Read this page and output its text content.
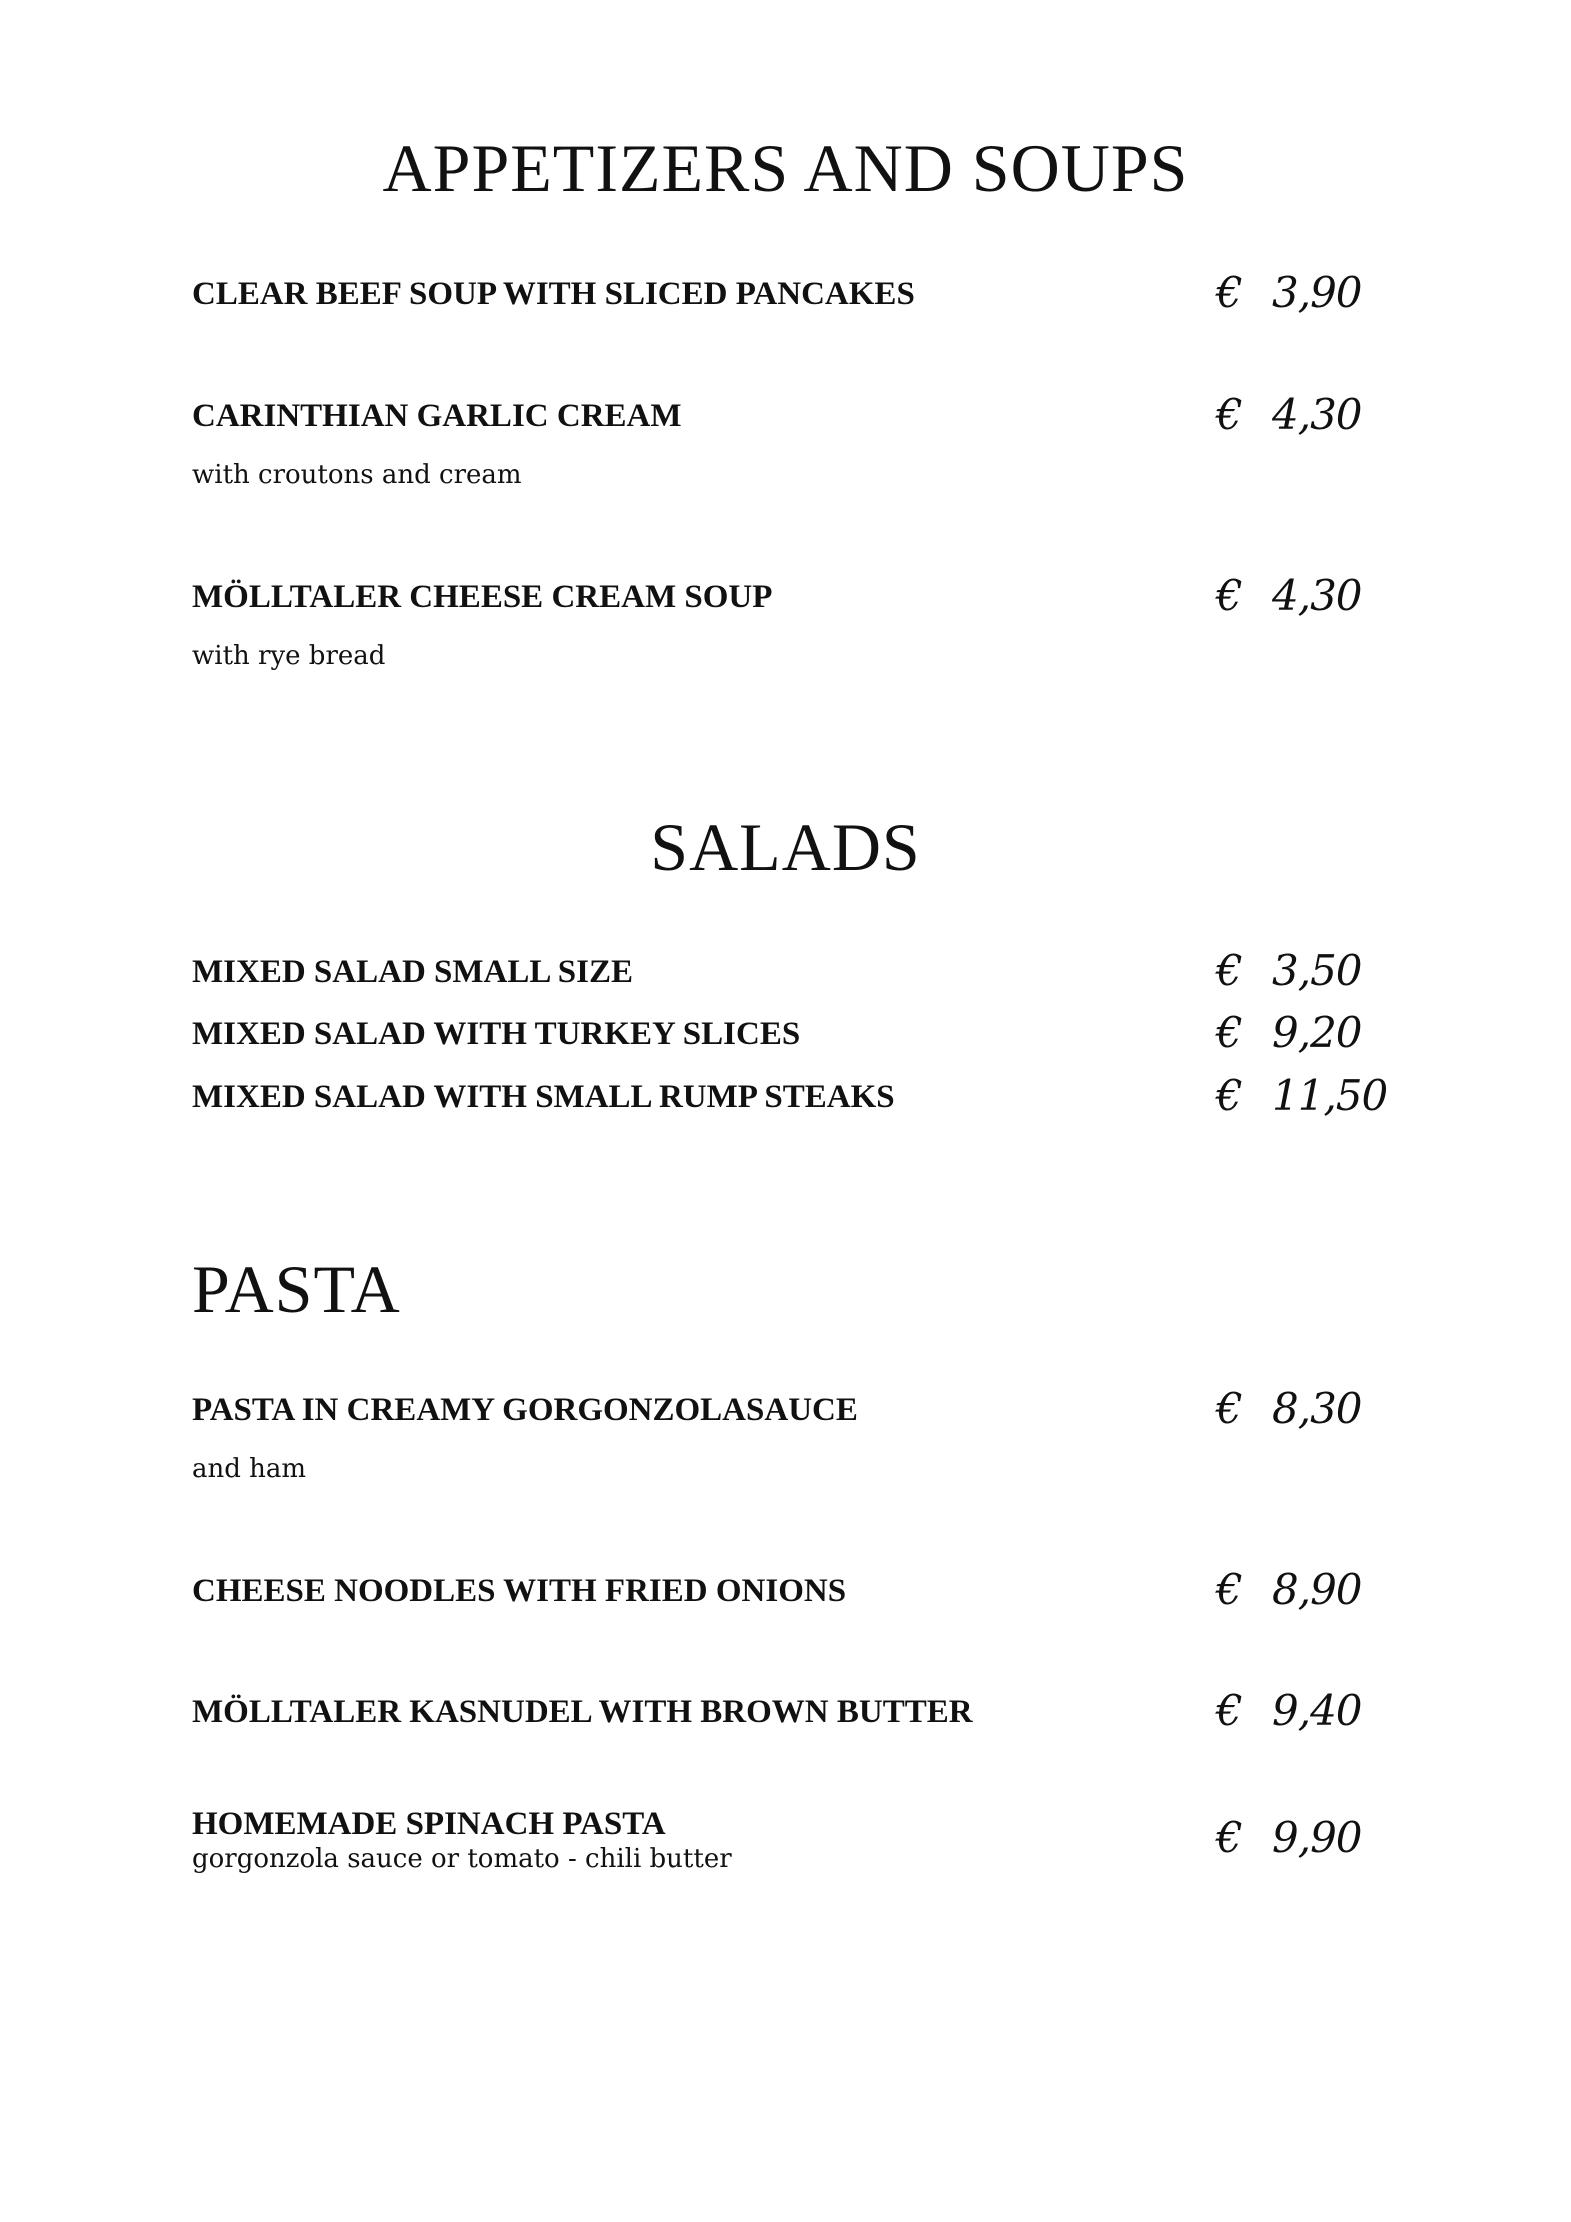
APPETIZERS AND SOUPS

CLEAR BEEF SOUP WITH SLICED PANCAKES	€ 3,90

CARINTHIAN GARLIC CREAM	€ 4,30

with croutons and cream

MÖLLTALER CHEESE CREAM SOUP	€ 4,30

with rye bread

SALADS

MIXED SALAD SMALL SIZE	€ 3,50

MIXED SALAD WITH TURKEY SLICES	€ 9,20

MIXED SALAD WITH SMALL RUMP STEAKS	€ 11,50

PASTA

PASTA IN CREAMY GORGONZOLASAUCE	€ 8,30

and ham

CHEESE NOODLES WITH FRIED ONIONS	€ 8,90

MÖLLTALER KASNUDEL WITH BROWN BUTTER	€ 9,40

HOMEMADE SPINACH PASTA	€ 9,90

gorgonzola sauce or tomato - chili butter
